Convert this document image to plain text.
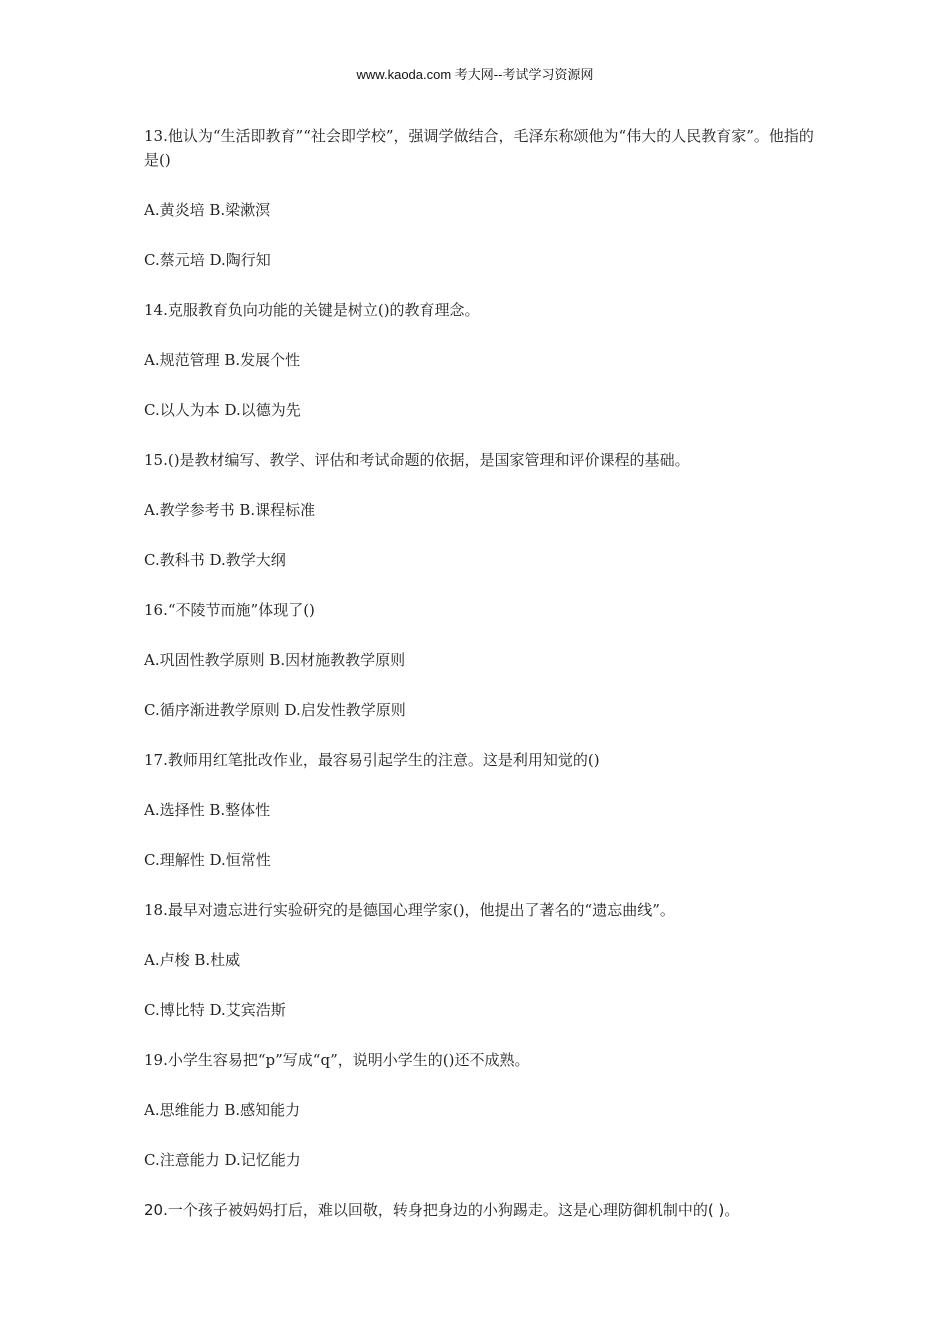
www.kaoda.com 考大网--考试学习资源网

13.他认为“生活即教育”“社会即学校”，强调学做结合，毛泽东称颂他为“伟大的人民教育家”。他指的是()

A.黄炎培 B.梁漱溟

C.蔡元培 D.陶行知

14.克服教育负向功能的关键是树立()的教育理念。

A.规范管理 B.发展个性

C.以人为本 D.以德为先

15.()是教材编写、教学、评估和考试命题的依据，是国家管理和评价课程的基础。

A.教学参考书 B.课程标准

C.教科书 D.教学大纲

16.“不陵节而施”体现了()

A.巩固性教学原则 B.因材施教教学原则

C.循序渐进教学原则 D.启发性教学原则

17.教师用红笔批改作业，最容易引起学生的注意。这是利用知觉的()

A.选择性 B.整体性

C.理解性 D.恒常性

18.最早对遗忘进行实验研究的是德国心理学家()，他提出了著名的“遗忘曲线”。

A.卢梭 B.杜威

C.博比特 D.艾宾浩斯

19.小学生容易把“p”写成“q”，说明小学生的()还不成熟。

A.思维能力 B.感知能力

C.注意能力 D.记忆能力

20.一个孩子被妈妈打后，难以回敬，转身把身边的小狗踢走。这是心理防御机制中的( )。
